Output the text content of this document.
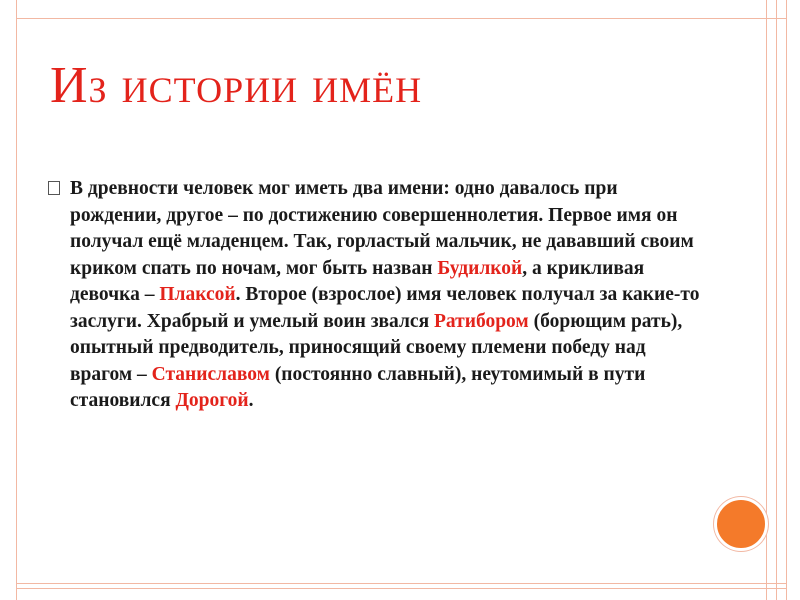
Из истории имён

В древности человек мог иметь два имени: одно давалось при рождении, другое – по достижению совершеннолетия. Первое имя он получал ещё младенцем. Так, горластый мальчик, не дававший своим криком спать по ночам, мог быть назван Будилкой, а крикливая девочка – Плаксой. Второе (взрослое) имя человек получал за какие-то заслуги. Храбрый и умелый воин звался Ратибором (борющим рать), опытный предводитель, приносящий своему племени победу над врагом – Станиславом (постоянно славный), неутомимый в пути становился Дорогой.
